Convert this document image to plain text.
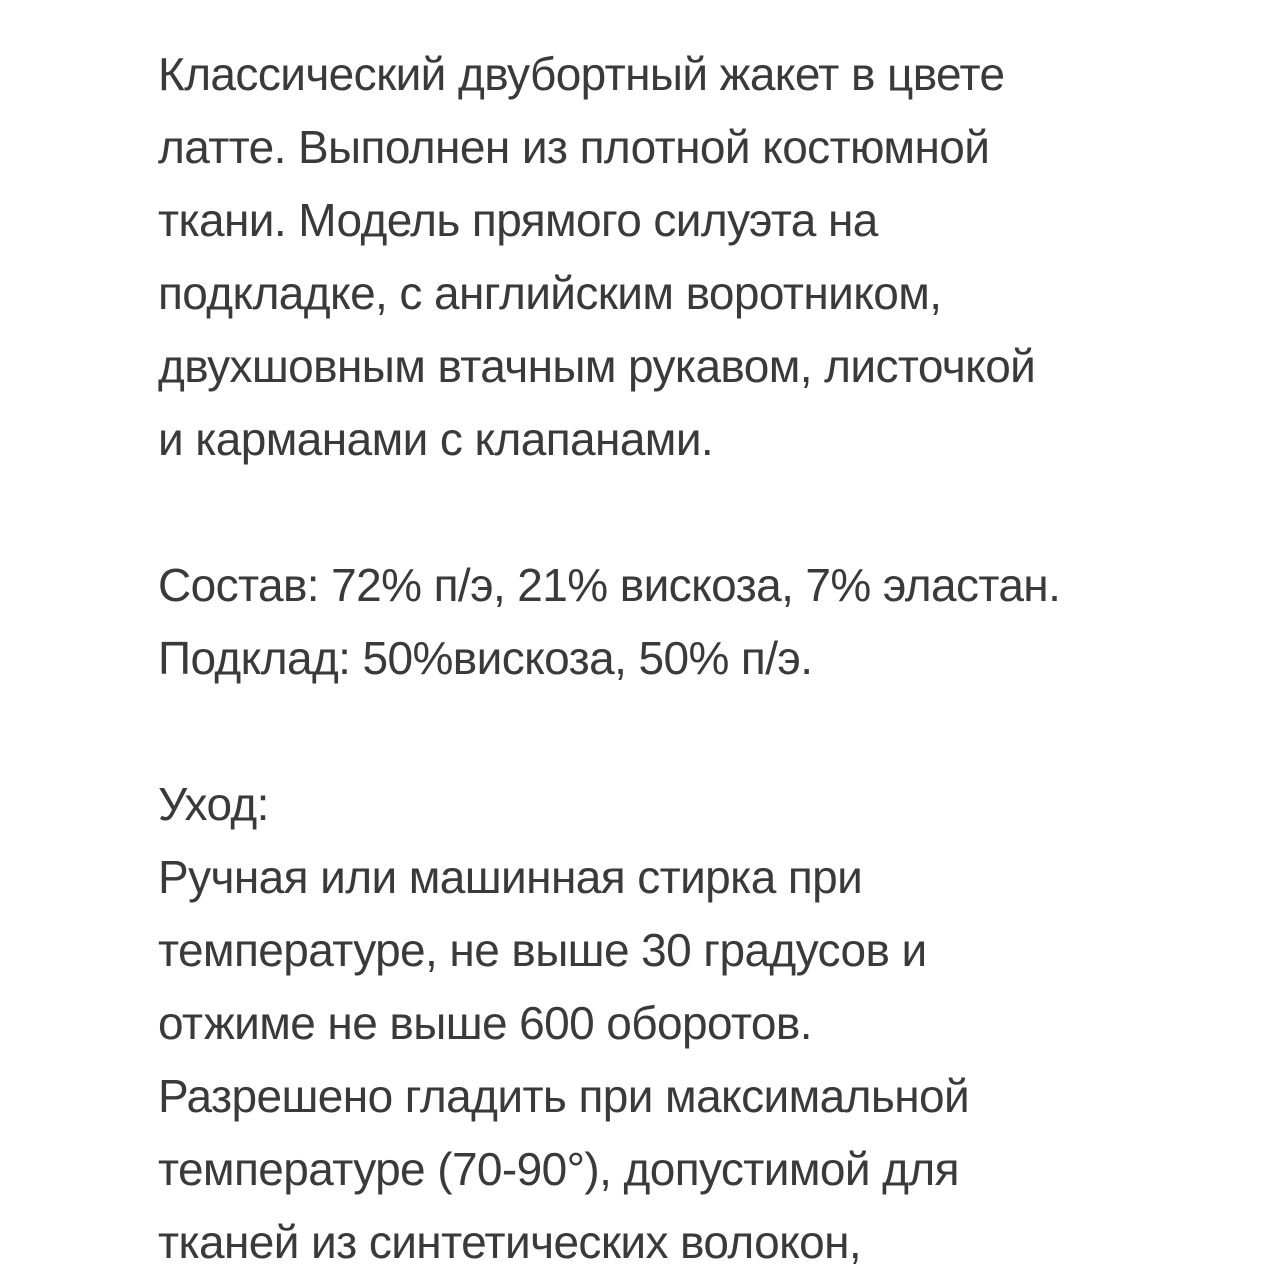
Классический двубортный жакет в цвете
латте. Выполнен из плотной костюмной
ткани. Модель прямого силуэта на
подкладке, с английским воротником,
двухшовным втачным рукавом, листочкой
и карманами с клапанами.
Состав: 72% п/э, 21% вискоза, 7% эластан.
Подклад: 50%вискоза, 50% п/э.
Уход:
Ручная или машинная стирка при
температуре, не выше 30 градусов и
отжиме не выше 600 оборотов.
Разрешено гладить при максимальной
температуре (70-90°), допустимой для
тканей из синтетических волокон,
